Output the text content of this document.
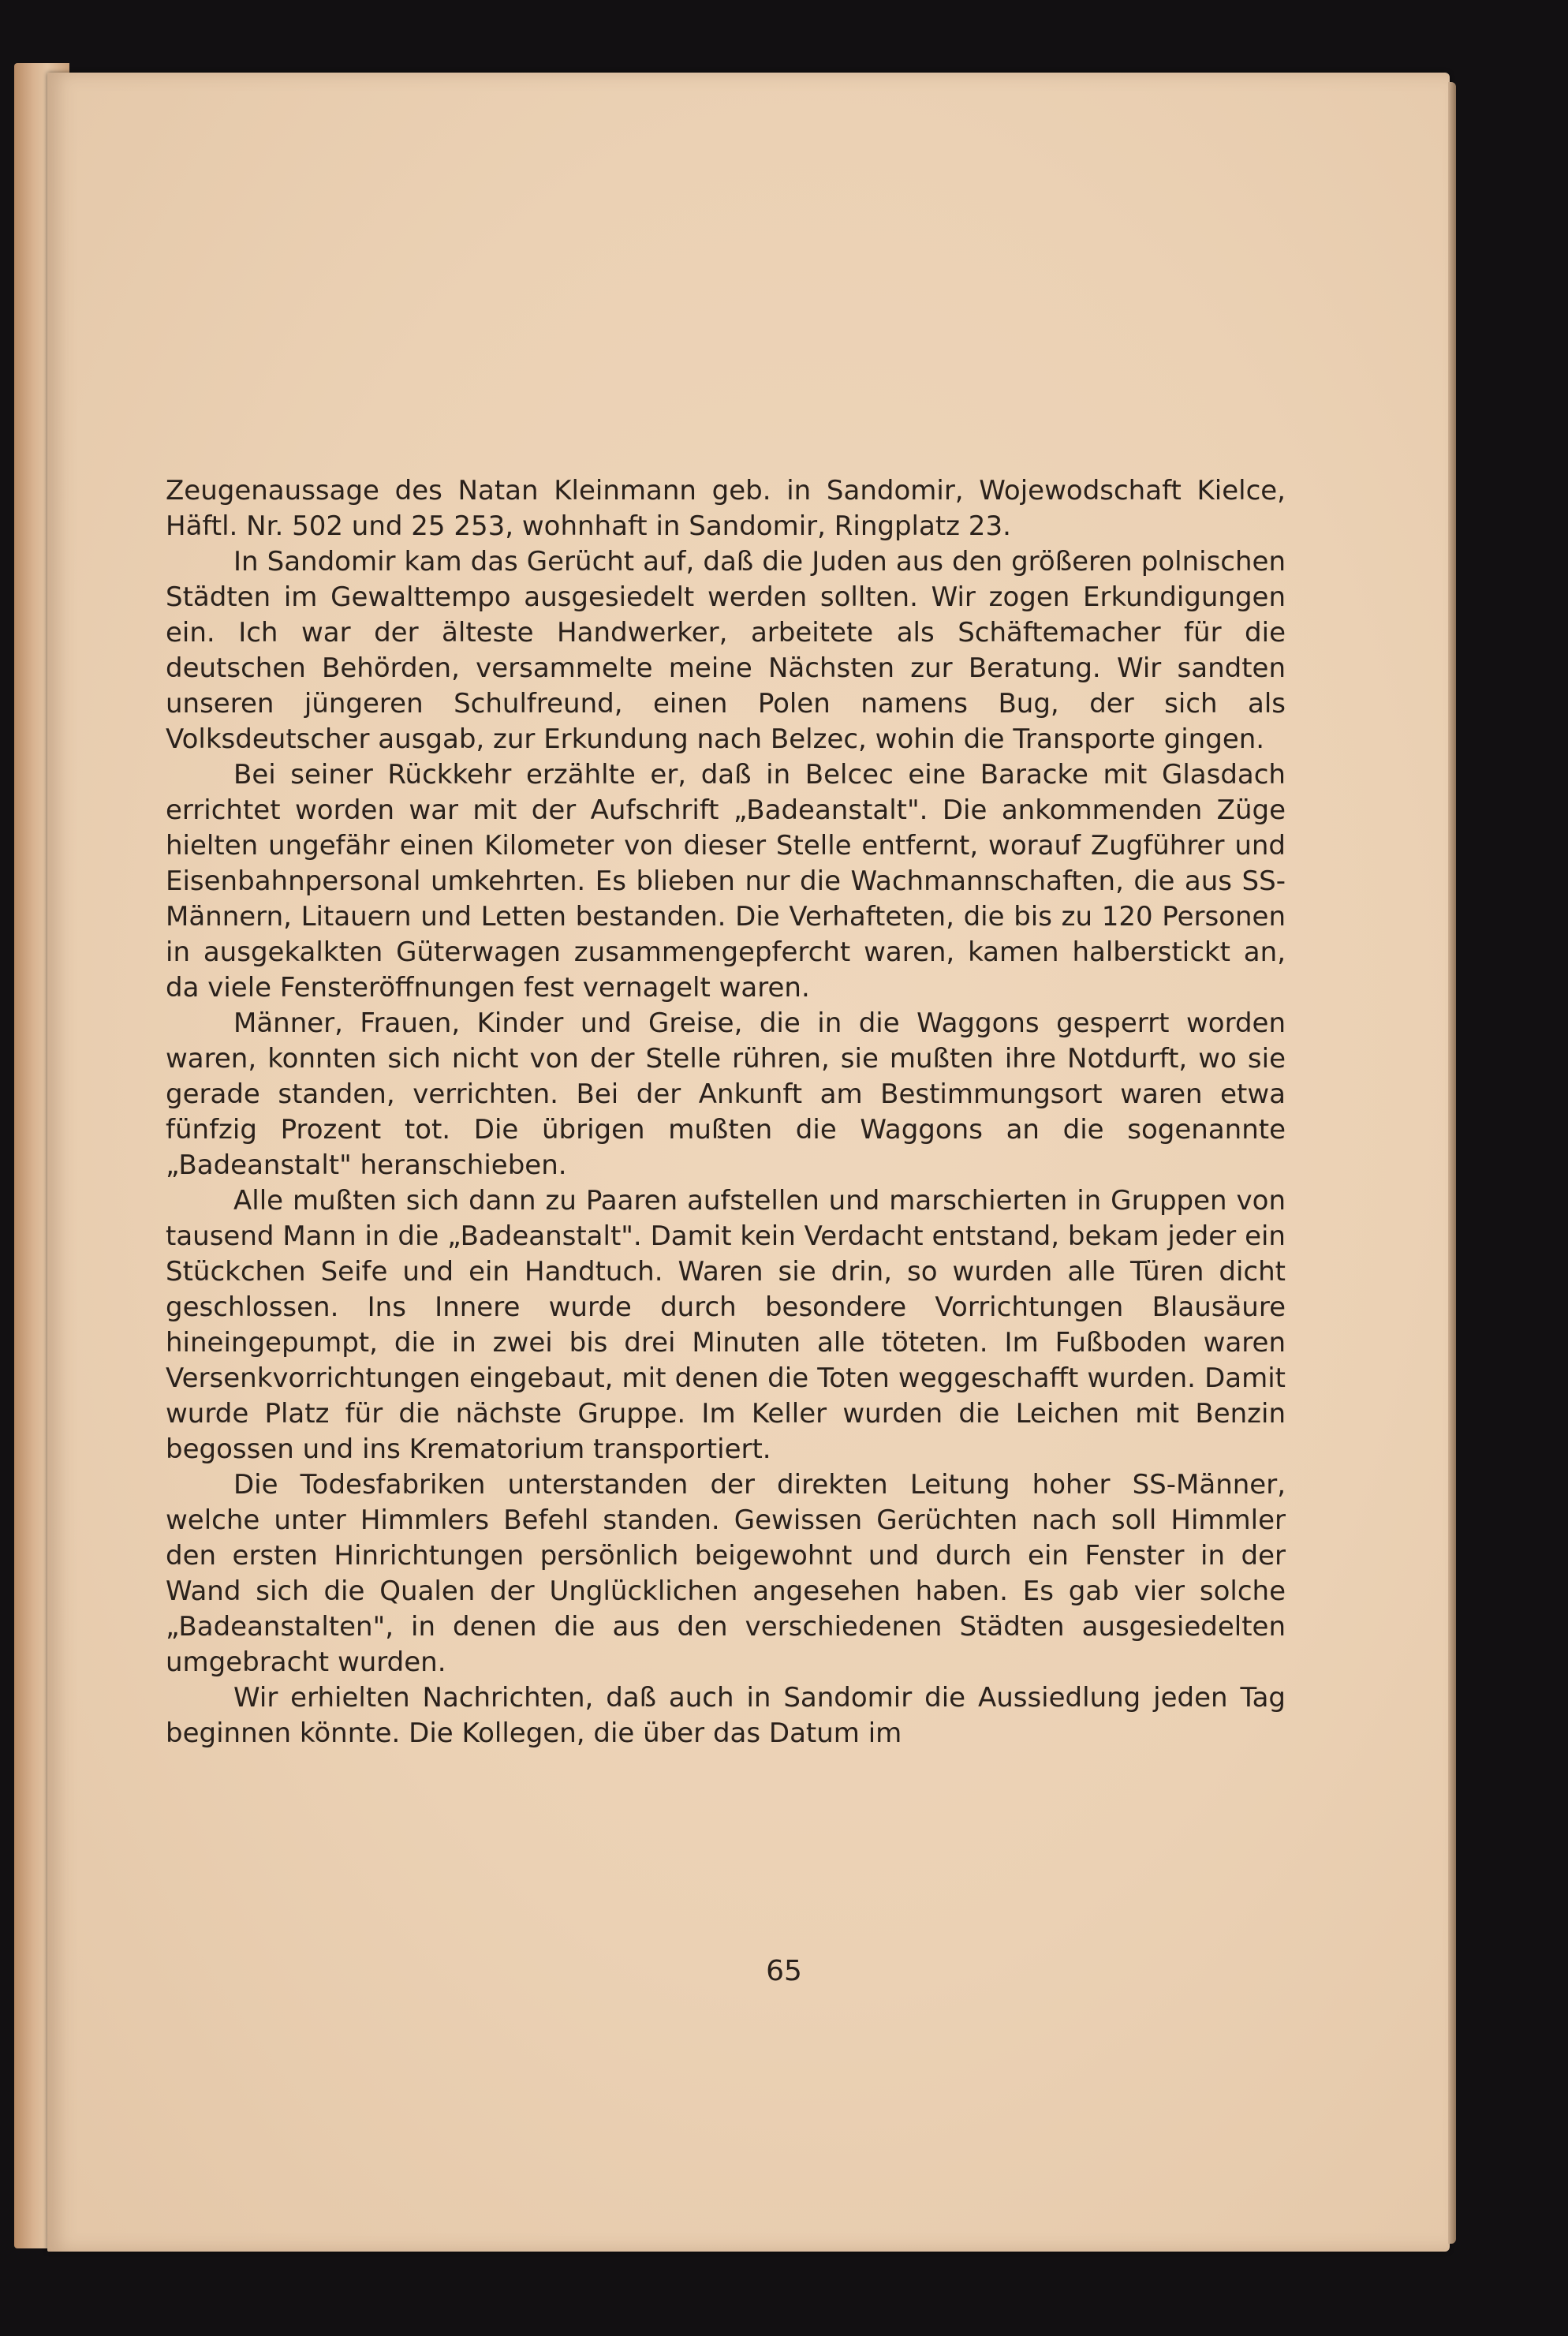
Zeugenaussage des Natan Kleinmann geb. in Sandomir, Wojewodschaft Kielce, Häftl. Nr. 502 und 25 253, wohnhaft in Sandomir, Ringplatz 23.

In Sandomir kam das Gerücht auf, daß die Juden aus den größeren polnischen Städten im Gewalttempo ausgesiedelt werden sollten. Wir zogen Erkundigungen ein. Ich war der älteste Handwerker, arbeitete als Schäftemacher für die deutschen Behörden, versammelte meine Nächsten zur Beratung. Wir sandten unseren jüngeren Schulfreund, einen Polen namens Bug, der sich als Volksdeutscher ausgab, zur Erkundung nach Belzec, wohin die Transporte gingen.

Bei seiner Rückkehr erzählte er, daß in Belcec eine Baracke mit Glasdach errichtet worden war mit der Aufschrift „Badeanstalt". Die ankommenden Züge hielten ungefähr einen Kilometer von dieser Stelle entfernt, worauf Zugführer und Eisenbahnpersonal umkehrten. Es blieben nur die Wachmannschaften, die aus SS-Männern, Litauern und Letten bestanden. Die Verhafteten, die bis zu 120 Personen in ausgekalkten Güterwagen zusammengepfercht waren, kamen halberstickt an, da viele Fensteröffnungen fest vernagelt waren.

Männer, Frauen, Kinder und Greise, die in die Waggons gesperrt worden waren, konnten sich nicht von der Stelle rühren, sie mußten ihre Notdurft, wo sie gerade standen, verrichten. Bei der Ankunft am Bestimmungsort waren etwa fünfzig Prozent tot. Die übrigen mußten die Waggons an die sogenannte „Badeanstalt" heranschieben.

Alle mußten sich dann zu Paaren aufstellen und marschierten in Gruppen von tausend Mann in die „Badeanstalt". Damit kein Verdacht entstand, bekam jeder ein Stückchen Seife und ein Handtuch. Waren sie drin, so wurden alle Türen dicht geschlossen. Ins Innere wurde durch besondere Vorrichtungen Blausäure hineingepumpt, die in zwei bis drei Minuten alle töteten. Im Fußboden waren Versenkvorrichtungen eingebaut, mit denen die Toten weggeschafft wurden. Damit wurde Platz für die nächste Gruppe. Im Keller wurden die Leichen mit Benzin begossen und ins Krematorium transportiert.

Die Todesfabriken unterstanden der direkten Leitung hoher SS-Männer, welche unter Himmlers Befehl standen. Gewissen Gerüchten nach soll Himmler den ersten Hinrichtungen persönlich beigewohnt und durch ein Fenster in der Wand sich die Qualen der Unglücklichen angesehen haben. Es gab vier solche „Badeanstalten", in denen die aus den verschiedenen Städten ausgesiedelten umgebracht wurden.

Wir erhielten Nachrichten, daß auch in Sandomir die Aussiedlung jeden Tag beginnen könnte. Die Kollegen, die über das Datum im

65
